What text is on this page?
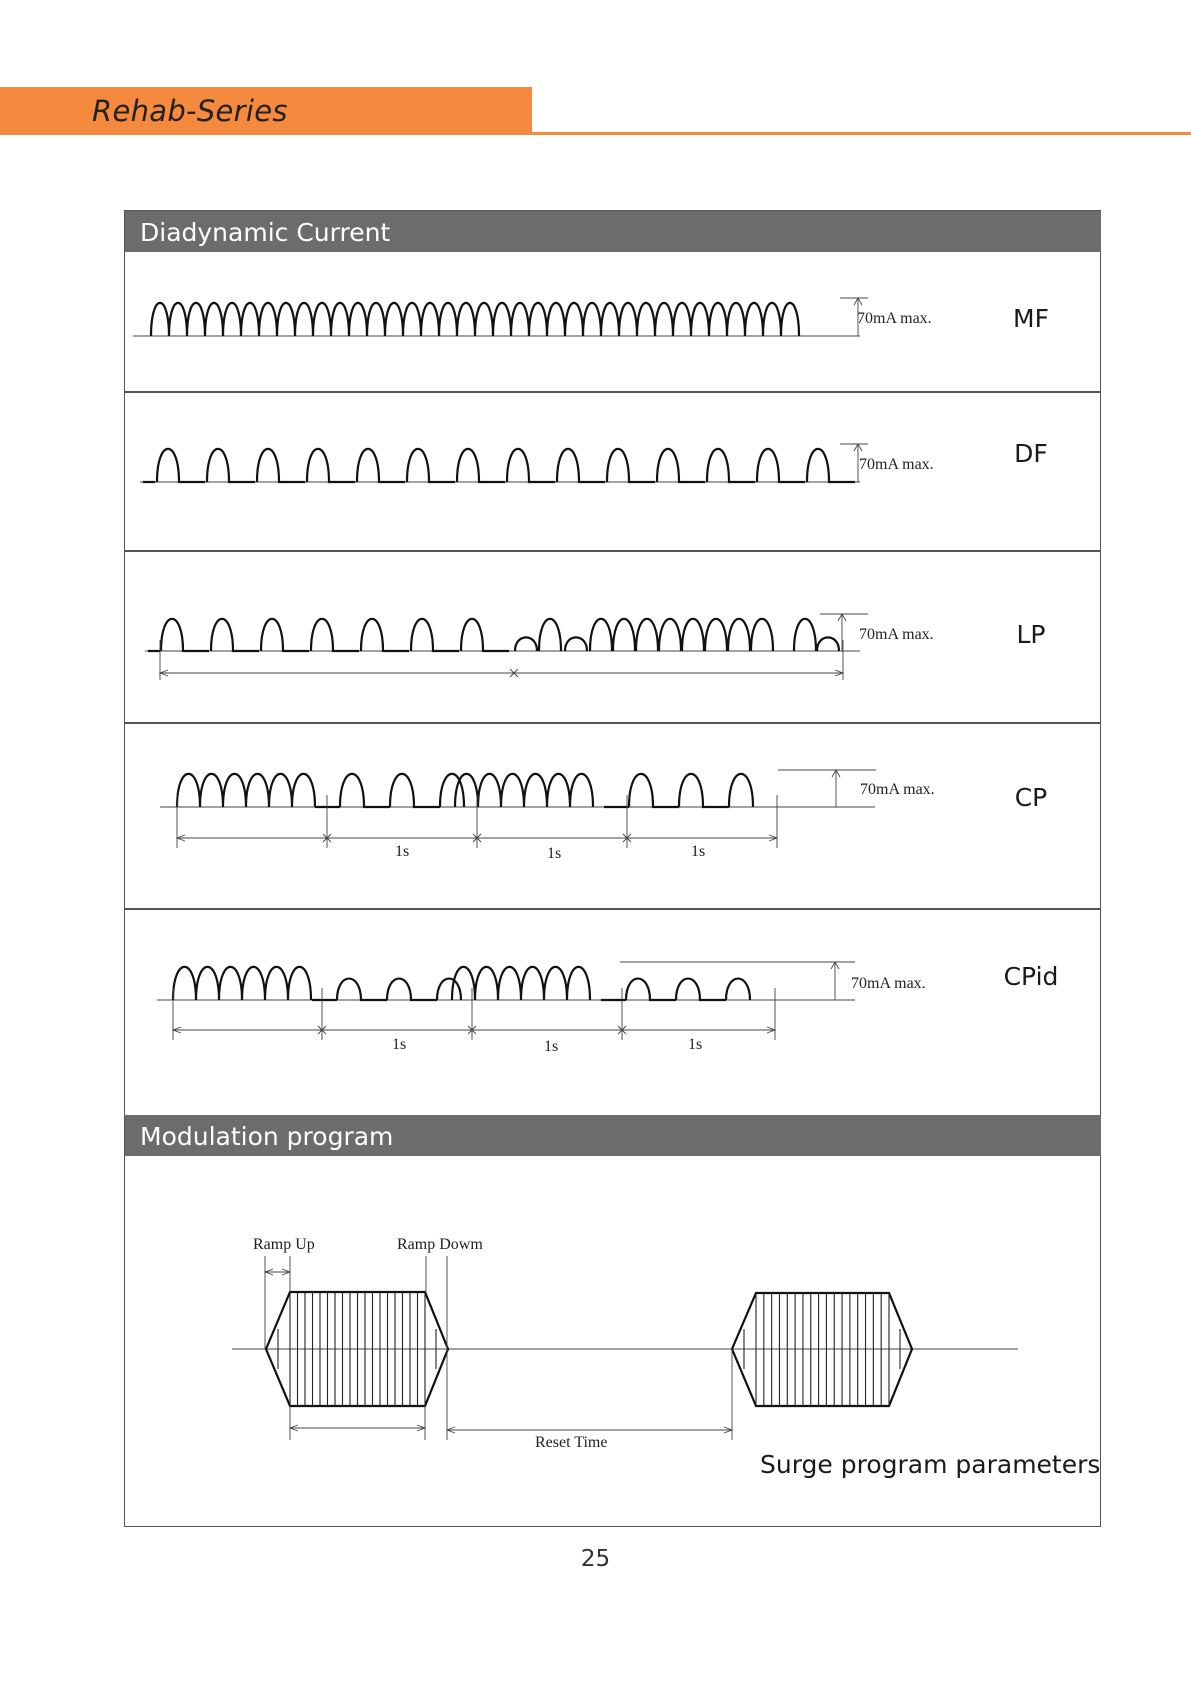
Rehab-Series
Diadynamic Current
Modulation program
MF
DF
LP
CP
CPid
70mA max.
70mA max.
70mA max.
70mA max.
70mA max.
1s	1s	1s
1s	1s	1s
Ramp Up	Ramp Dowm
Reset Time
Surge program parameters
25
